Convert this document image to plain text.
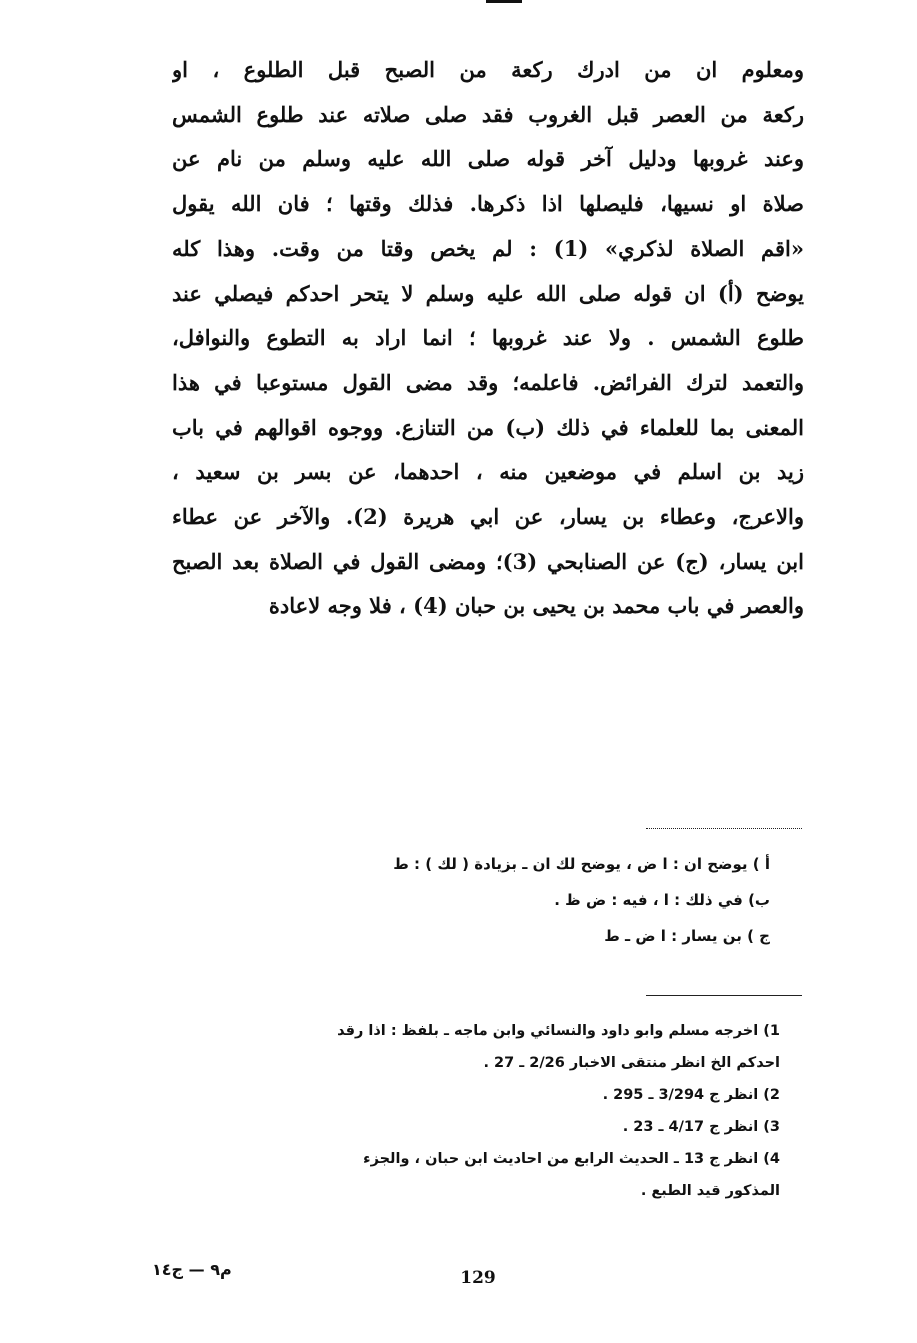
ومعلوم ان من ادرك ركعة من الصبح قبل الطلوع ، او
ركعة من العصر قبل الغروب فقد صلى صلاته عند طلوع الشمس
وعند غروبها ودليل آخر قوله صلى الله عليه وسلم من نام عن
صلاة او نسيها، فليصلها اذا ذكرها. فذلك وقتها ؛ فان الله يقول
«اقم الصلاة لذكري» (1) : لم يخص وقتا من وقت. وهذا كله
يوضح (أ) ان قوله صلى الله عليه وسلم لا يتحر احدكم فيصلي عند
طلوع الشمس . ولا عند غروبها ؛ انما اراد به التطوع والنوافل،
والتعمد لترك الفرائض. فاعلمه؛ وقد مضى القول مستوعبا في هذا
المعنى بما للعلماء في ذلك (ب) من التنازع. ووجوه اقوالهم في باب
زيد بن اسلم في موضعين منه ، احدهما، عن بسر بن سعيد ،
والاعرج، وعطاء بن يسار، عن ابي هريرة (2). والآخر عن عطاء
ابن يسار، (ج) عن الصنابحي (3)؛ ومضى القول في الصلاة بعد الصبح
والعصر في باب محمد بن يحيى بن حبان (4) ، فلا وجه لاعادة
أ ) يوضح ان : ا ض ، يوضح لك ان ـ بزيادة ( لك ) : ط
ب) في ذلك : ا ، فيه : ض ظ .
ج ) بن يسار : ا ض ـ ط
1) اخرجه مسلم وابو داود والنسائي وابن ماجه ـ بلفظ : اذا رقد
احدكم الخ انظر منتقى الاخبار 2/26 ـ 27 .
2) انظر ج 3/294 ـ 295 .
3) انظر ج 4/17 ـ 23 .
4) انظر ج 13 ـ الحديث الرابع من احاديث ابن حبان ، والجزء
المذكور قيد الطبع .
م٩ — ج١٤	129
